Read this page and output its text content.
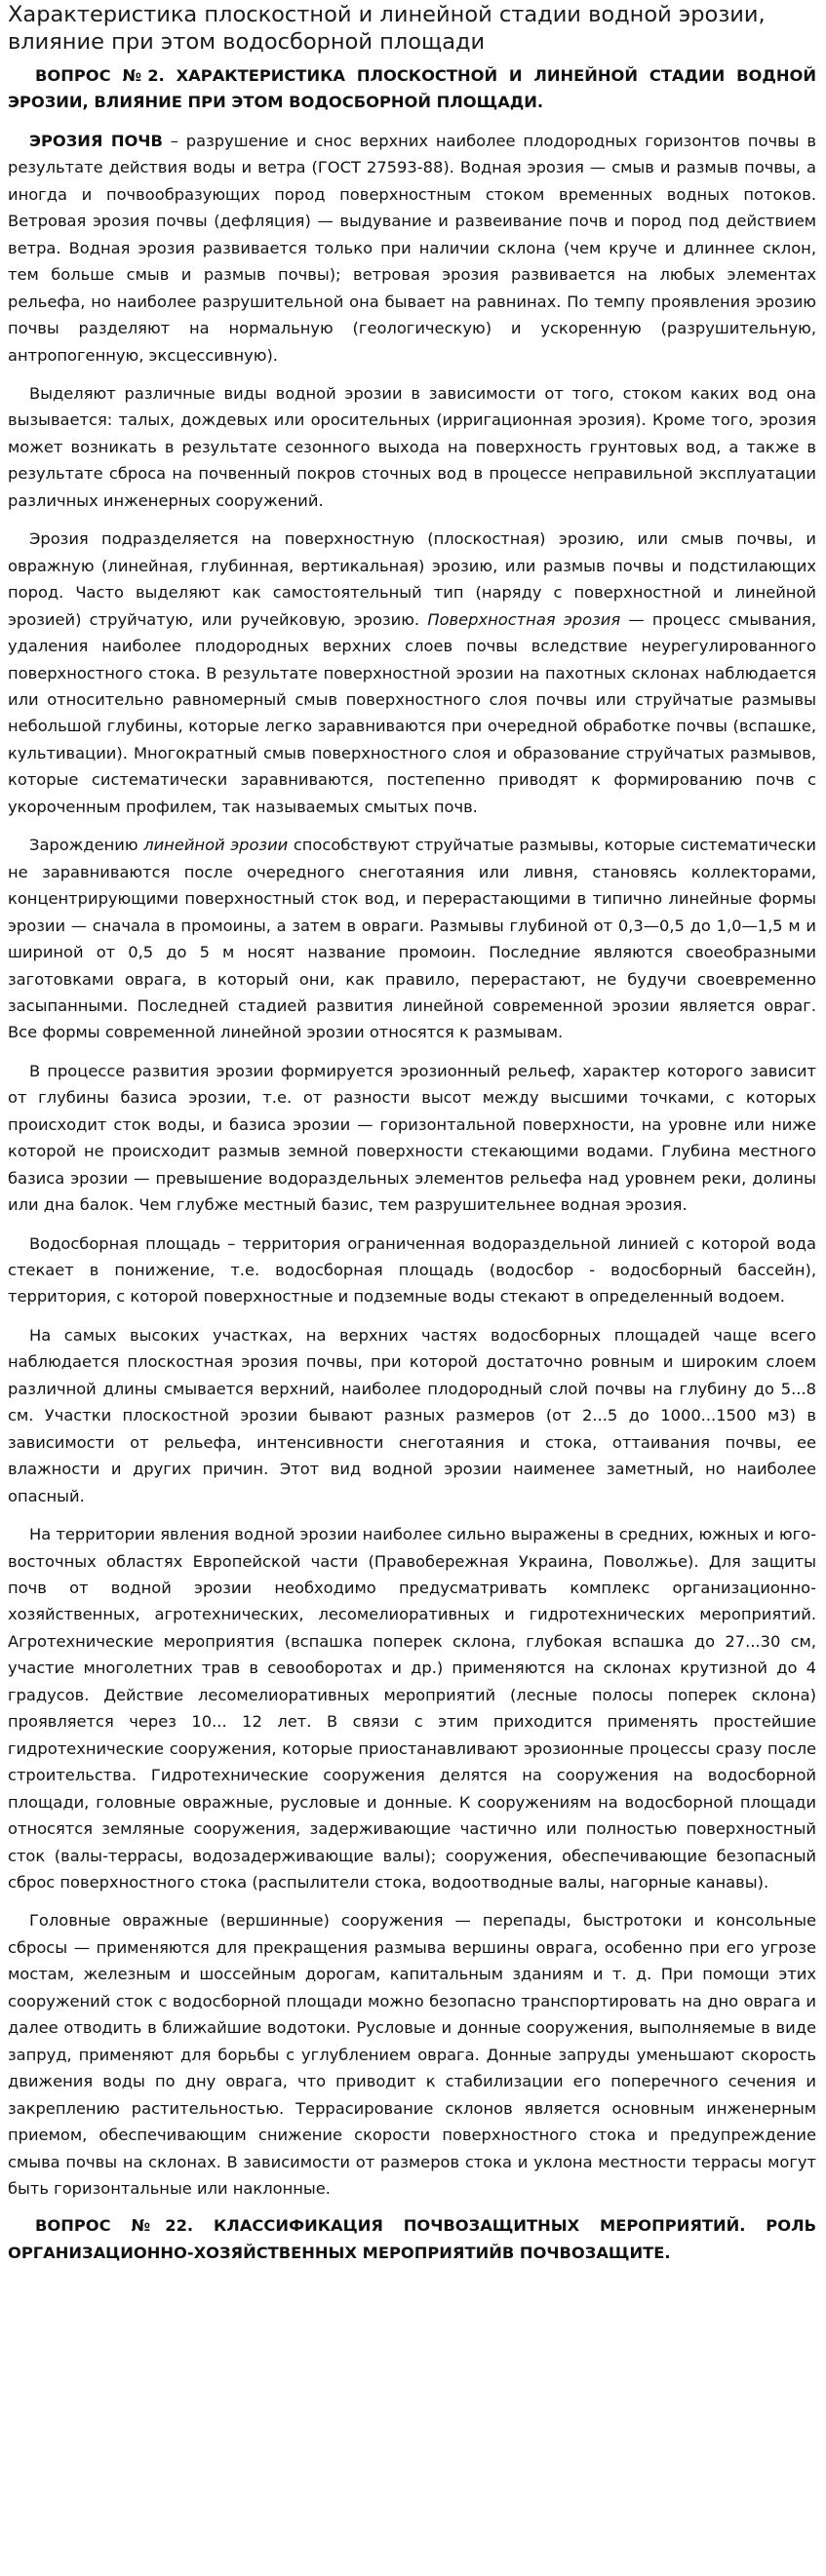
Характеристика плоскостной и линейной стадии водной эрозии, влияние при этом водосборной площади

ВОПРОС №2. ХАРАКТЕРИСТИКА ПЛОСКОСТНОЙ И ЛИНЕЙНОЙ СТАДИИ ВОДНОЙ ЭРОЗИИ, ВЛИЯНИЕ ПРИ ЭТОМ ВОДОСБОРНОЙ ПЛОЩАДИ.

ЭРОЗИЯ ПОЧВ – разрушение и снос верхних наиболее плодородных горизонтов почвы в результате действия воды и ветра (ГОСТ 27593-88). Водная эрозия — смыв и размыв почвы, а иногда и почвообразующих пород поверхностным стоком временных водных потоков. Ветровая эрозия почвы (дефляция) — выдувание и развеивание почв и пород под действием ветра. Водная эрозия развивается только при наличии склона (чем круче и длиннее склон, тем больше смыв и размыв почвы); ветровая эрозия развивается на любых элементах рельефа, но наиболее разрушительной она бывает на равнинах. По темпу проявления эрозию почвы разделяют на нормальную (геологическую) и ускоренную (разрушительную, антропогенную, эксцессивную).

Выделяют различные виды водной эрозии в зависимости от того, стоком каких вод она вызывается: талых, дождевых или оросительных (ирригационная эрозия). Кроме того, эрозия может возникать в результате сезонного выхода на поверхность грунтовых вод, а также в результате сброса на почвенный покров сточных вод в процессе неправильной эксплуатации различных инженерных сооружений.

Эрозия подразделяется на поверхностную (плоскостная) эрозию, или смыв почвы, и овражную (линейная, глубинная, вертикальная) эрозию, или размыв почвы и подстилающих пород. Часто выделяют как самостоятельный тип (наряду с поверхностной и линейной эрозией) струйчатую, или ручейковую, эрозию. Поверхностная эрозия — процесс смывания, удаления наиболее плодородных верхних слоев почвы вследствие неурегулированного поверхностного стока. В результате поверхностной эрозии на пахотных склонах наблюдается или относительно равномерный смыв поверхностного слоя почвы или струйчатые размывы небольшой глубины, которые легко заравниваются при очередной обработке почвы (вспашке, культивации). Многократный смыв поверхностного слоя и образование струйчатых размывов, которые систематически заравниваются, постепенно приводят к формированию почв с укороченным профилем, так называемых смытых почв.

Зарождению линейной эрозии способствуют струйчатые размывы, которые систематически не заравниваются после очередного снеготаяния или ливня, становясь коллекторами, концентрирующими поверхностный сток вод, и перерастающими в типично линейные формы эрозии — сначала в промоины, а затем в овраги. Размывы глубиной от 0,3—0,5 до 1,0—1,5 м и шириной от 0,5 до 5 м носят название промоин. Последние являются своеобразными заготовками оврага, в который они, как правило, перерастают, не будучи своевременно засыпанными. Последней стадией развития линейной современной эрозии является овраг. Все формы современной линейной эрозии относятся к размывам.

В процессе развития эрозии формируется эрозионный рельеф, характер которого зависит от глубины базиса эрозии, т.е. от разности высот между высшими точками, с которых происходит сток воды, и базиса эрозии — горизонтальной поверхности, на уровне или ниже которой не происходит размыв земной поверхности стекающими водами. Глубина местного базиса эрозии — превышение водораздельных элементов рельефа над уровнем реки, долины или дна балок. Чем глубже местный базис, тем разрушительнее водная эрозия.

Водосборная площадь – территория ограниченная водораздельной линией с которой вода стекает в понижение, т.е. водосборная площадь (водосбор - водосборный бассейн), территория, с которой поверхностные и подземные воды стекают в определенный водоем.

На самых высоких участках, на верхних частях водосборных площадей чаще всего наблюдается плоскостная эрозия почвы, при которой достаточно ровным и широким слоем различной длины смывается верхний, наиболее плодородный слой почвы на глубину до 5...8 см. Участки плоскостной эрозии бывают разных размеров (от 2...5 до 1000...1500 м3) в зависимости от рельефа, интенсивности снеготаяния и стока, оттаивания почвы, ее влажности и других причин. Этот вид водной эрозии наименее заметный, но наиболее опасный.

На территории явления водной эрозии наиболее сильно выражены в средних, южных и юго-восточных областях Европейской части (Правобережная Украина, Поволжье). Для защиты почв от водной эрозии необходимо предусматривать комплекс организационно-хозяйственных, агротехнических, лесомелиоративных и гидротехнических мероприятий. Агротехнические мероприятия (вспашка поперек склона, глубокая вспашка до 27...30 см, участие многолетних трав в севооборотах и др.) применяются на склонах крутизной до 4 градусов. Действие лесомелиоративных мероприятий (лесные полосы поперек склона) проявляется через 10... 12 лет. В связи с этим приходится применять простейшие гидротехнические сооружения, которые приостанавливают эрозионные процессы сразу после строительства. Гидротехнические сооружения делятся на сооружения на водосборной площади, головные овражные, русловые и донные. К сооружениям на водосборной площади относятся земляные сооружения, задерживающие частично или полностью поверхностный сток (валы-террасы, водозадерживающие валы); сооружения, обеспечивающие безопасный сброс поверхностного стока (распылители стока, водоотводные валы, нагорные канавы).

Головные овражные (вершинные) сооружения — перепады, быстротоки и консольные сбросы — применяются для прекращения размыва вершины оврага, особенно при его угрозе мостам, железным и шоссейным дорогам, капитальным зданиям и т. д. При помощи этих сооружений сток с водосборной площади можно безопасно транспортировать на дно оврага и далее отводить в ближайшие водотоки. Русловые и донные сооружения, выполняемые в виде запруд, применяют для борьбы с углублением оврага. Донные запруды уменьшают скорость движения воды по дну оврага, что приводит к стабилизации его поперечного сечения и закреплению растительностью. Террасирование склонов является основным инженерным приемом, обеспечивающим снижение скорости поверхностного стока и предупреждение смыва почвы на склонах. В зависимости от размеров стока и уклона местности террасы могут быть горизонтальные или наклонные.

ВОПРОС №22. КЛАССИФИКАЦИЯ ПОЧВОЗАЩИТНЫХ МЕРОПРИЯТИЙ. РОЛЬ ОРГАНИЗАЦИОННО-ХОЗЯЙСТВЕННЫХ МЕРОПРИЯТИЙВ ПОЧВОЗАЩИТЕ.
